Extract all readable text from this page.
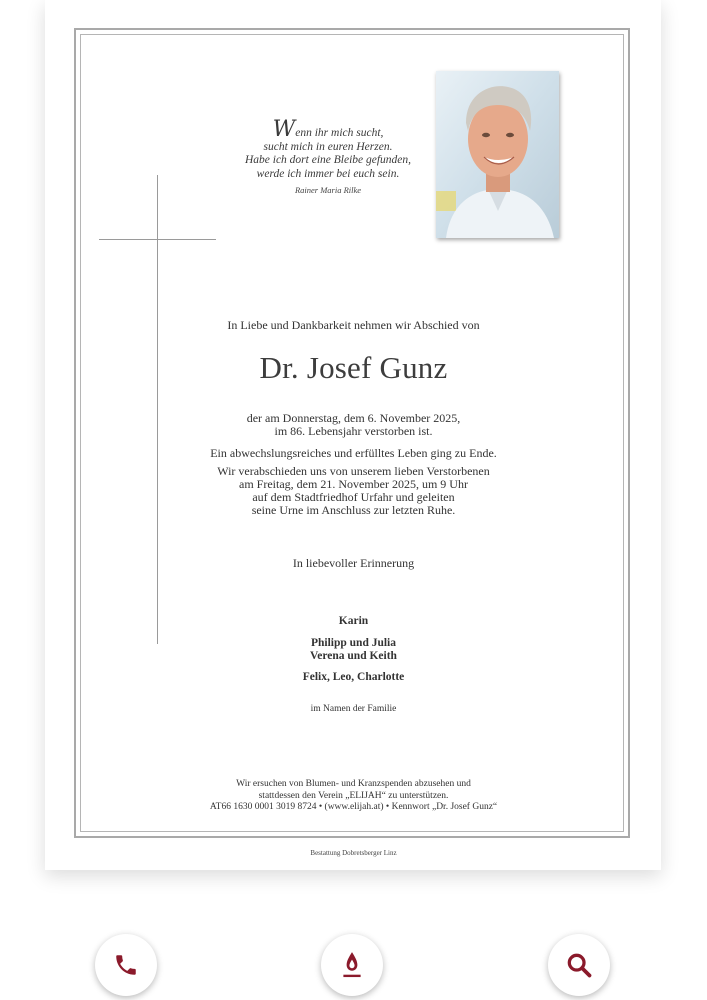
Wenn ihr mich sucht,
sucht mich in euren Herzen.
Habe ich dort eine Bleibe gefunden,
werde ich immer bei euch sein.
Rainer Maria Rilke
In Liebe und Dankbarkeit nehmen wir Abschied von
Dr. Josef Gunz
der am Donnerstag, dem 6. November 2025,
im 86. Lebensjahr verstorben ist.
Ein abwechslungsreiches und erfülltes Leben ging zu Ende.
Wir verabschieden uns von unserem lieben Verstorbenen
am Freitag, dem 21. November 2025, um 9 Uhr
auf dem Stadtfriedhof Urfahr und geleiten
seine Urne im Anschluss zur letzten Ruhe.
In liebevoller Erinnerung
Karin
Philipp und Julia
Verena und Keith
Felix, Leo, Charlotte
im Namen der Familie
Wir ersuchen von Blumen- und Kranzspenden abzusehen und
stattdessen den Verein „ELIJAH“ zu unterstützen.
AT66 1630 0001 3019 8724 • (www.elijah.at) • Kennwort „Dr. Josef Gunz“
Bestattung Dobretsberger Linz
